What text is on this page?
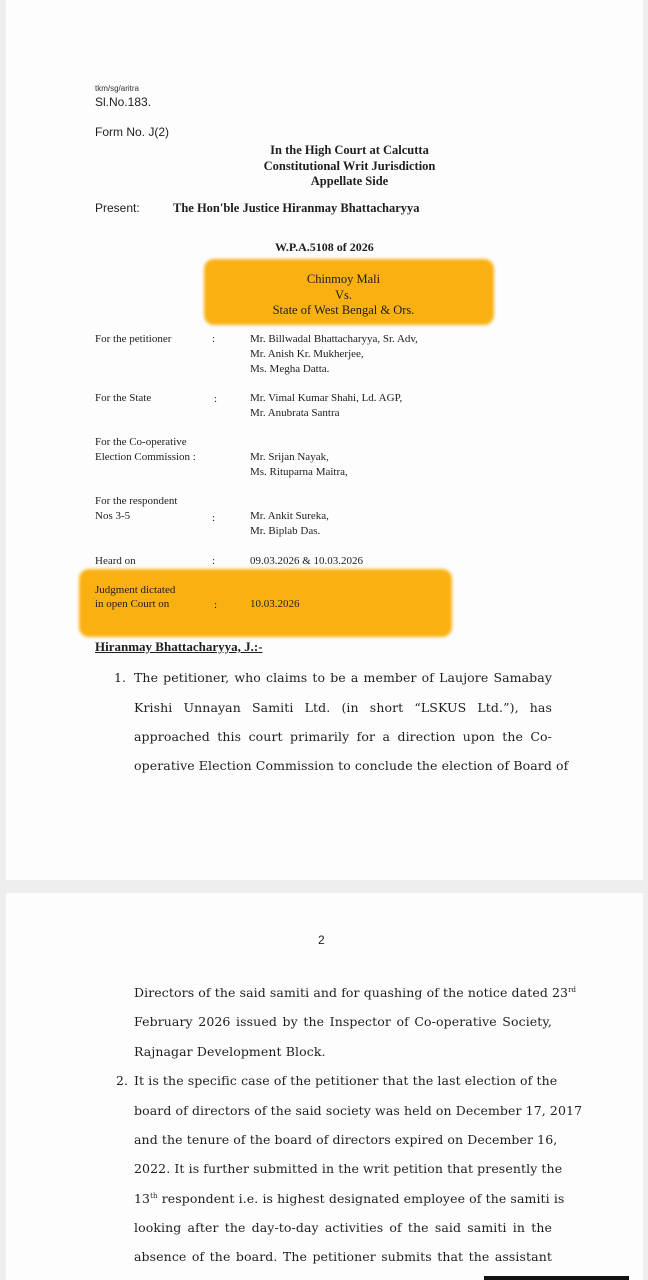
tkm/sg/aritra
Sl.No.183.
Form No. J(2)
In the High Court at Calcutta
Constitutional Writ Jurisdiction
Appellate Side
Present:	The Hon'ble Justice Hiranmay Bhattacharyya
W.P.A.5108 of 2026
Chinmoy Mali
Vs.
State of West Bengal & Ors.
For the petitioner	:	Mr. Billwadal Bhattacharyya, Sr. Adv,
Mr. Anish Kr. Mukherjee,
Ms. Megha Datta.
For the State	:	Mr. Vimal Kumar Shahi, Ld. AGP,
Mr. Anubrata Santra
For the Co-operative
Election Commission :	Mr. Srijan Nayak,
Ms. Rituparna Maitra,
For the respondent
Nos 3-5	:	Mr. Ankit Sureka,
Mr. Biplab Das.
Heard on	:	09.03.2026 & 10.03.2026
Judgment dictated
in open Court on	:	10.03.2026
Hiranmay Bhattacharyya, J.:-
1. The petitioner, who claims to be a member of Laujore Samabay
Krishi Unnayan Samiti Ltd. (in short “LSKUS Ltd.”), has
approached this court primarily for a direction upon the Co-
operative Election Commission to conclude the election of Board of
2
Directors of the said samiti and for quashing of the notice dated 23rd
February 2026 issued by the Inspector of Co-operative Society,
Rajnagar Development Block.
2. It is the specific case of the petitioner that the last election of the
board of directors of the said society was held on December 17, 2017
and the tenure of the board of directors expired on December 16,
2022. It is further submitted in the writ petition that presently the
13th respondent i.e. is highest designated employee of the samiti is
looking after the day-to-day activities of the said samiti in the
absence of the board. The petitioner submits that the assistant
